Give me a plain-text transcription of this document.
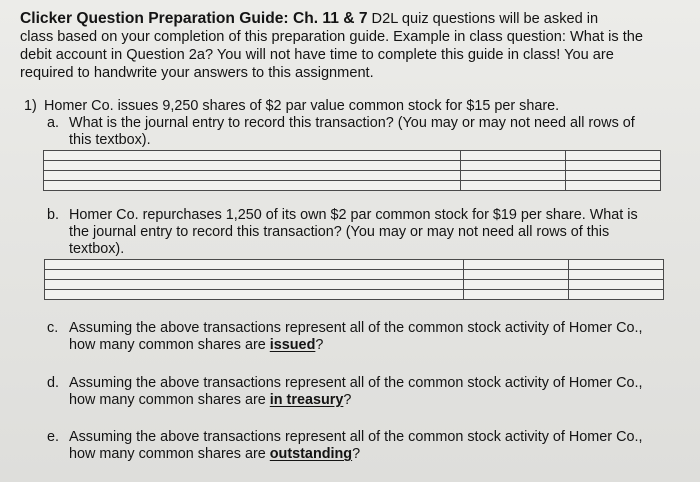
Clicker Question Preparation Guide: Ch. 11 & 7 D2L quiz questions will be asked in
class based on your completion of this preparation guide. Example in class question: What is the
debit account in Question 2a? You will not have time to complete this guide in class! You are
required to handwrite your answers to this assignment.
1) Homer Co. issues 9,250 shares of $2 par value common stock for $15 per share.
a. What is the journal entry to record this transaction? (You may or may not need all rows of
this textbox).

b. Homer Co. repurchases 1,250 of its own $2 par common stock for $19 per share. What is
the journal entry to record this transaction? (You may or may not need all rows of this
textbox).

c. Assuming the above transactions represent all of the common stock activity of Homer Co.,
how many common shares are issued?
d. Assuming the above transactions represent all of the common stock activity of Homer Co.,
how many common shares are in treasury?
e. Assuming the above transactions represent all of the common stock activity of Homer Co.,
how many common shares are outstanding?
